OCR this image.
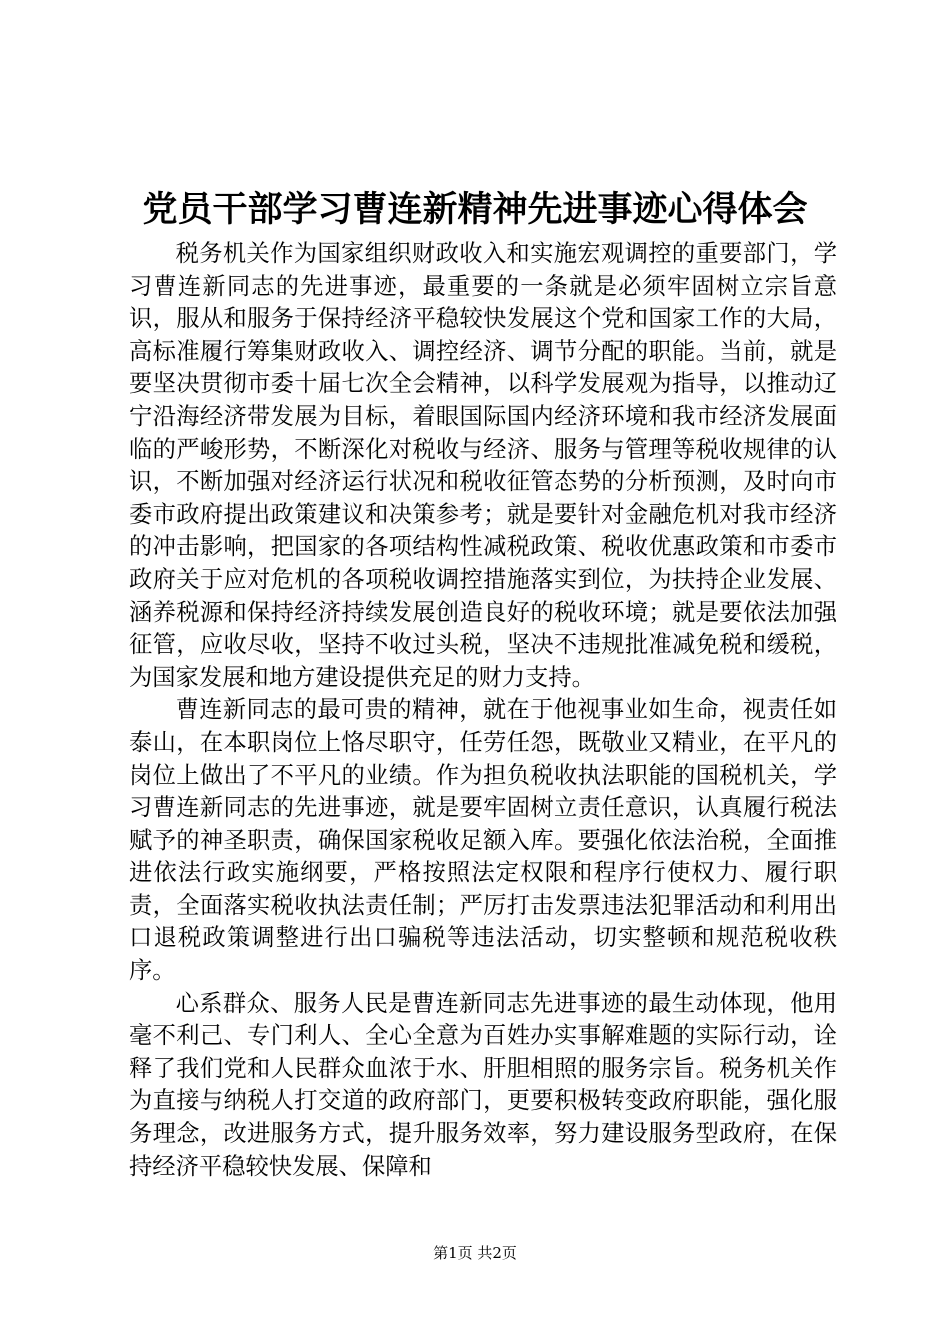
党员干部学习曹连新精神先进事迹心得体会

税务机关作为国家组织财政收入和实施宏观调控的重要部门，学习曹连新同志的先进事迹，最重要的一条就是必须牢固树立宗旨意识，服从和服务于保持经济平稳较快发展这个党和国家工作的大局，高标准履行筹集财政收入、调控经济、调节分配的职能。当前，就是要坚决贯彻市委十届七次全会精神，以科学发展观为指导，以推动辽宁沿海经济带发展为目标，着眼国际国内经济环境和我市经济发展面临的严峻形势，不断深化对税收与经济、服务与管理等税收规律的认识，不断加强对经济运行状况和税收征管态势的分析预测，及时向市委市政府提出政策建议和决策参考；就是要针对金融危机对我市经济的冲击影响，把国家的各项结构性减税政策、税收优惠政策和市委市政府关于应对危机的各项税收调控措施落实到位，为扶持企业发展、涵养税源和保持经济持续发展创造良好的税收环境；就是要依法加强征管，应收尽收，坚持不收过头税，坚决不违规批准减免税和缓税，为国家发展和地方建设提供充足的财力支持。

曹连新同志的最可贵的精神，就在于他视事业如生命，视责任如泰山，在本职岗位上恪尽职守，任劳任怨，既敬业又精业，在平凡的岗位上做出了不平凡的业绩。作为担负税收执法职能的国税机关，学习曹连新同志的先进事迹，就是要牢固树立责任意识，认真履行税法赋予的神圣职责，确保国家税收足额入库。要强化依法治税，全面推进依法行政实施纲要，严格按照法定权限和程序行使权力、履行职责，全面落实税收执法责任制；严厉打击发票违法犯罪活动和利用出口退税政策调整进行出口骗税等违法活动，切实整顿和规范税收秩序。

心系群众、服务人民是曹连新同志先进事迹的最生动体现，他用毫不利己、专门利人、全心全意为百姓办实事解难题的实际行动，诠释了我们党和人民群众血浓于水、肝胆相照的服务宗旨。税务机关作为直接与纳税人打交道的政府部门，更要积极转变政府职能，强化服务理念，改进服务方式，提升服务效率，努力建设服务型政府，在保持经济平稳较快发展、保障和

第1页 共2页
